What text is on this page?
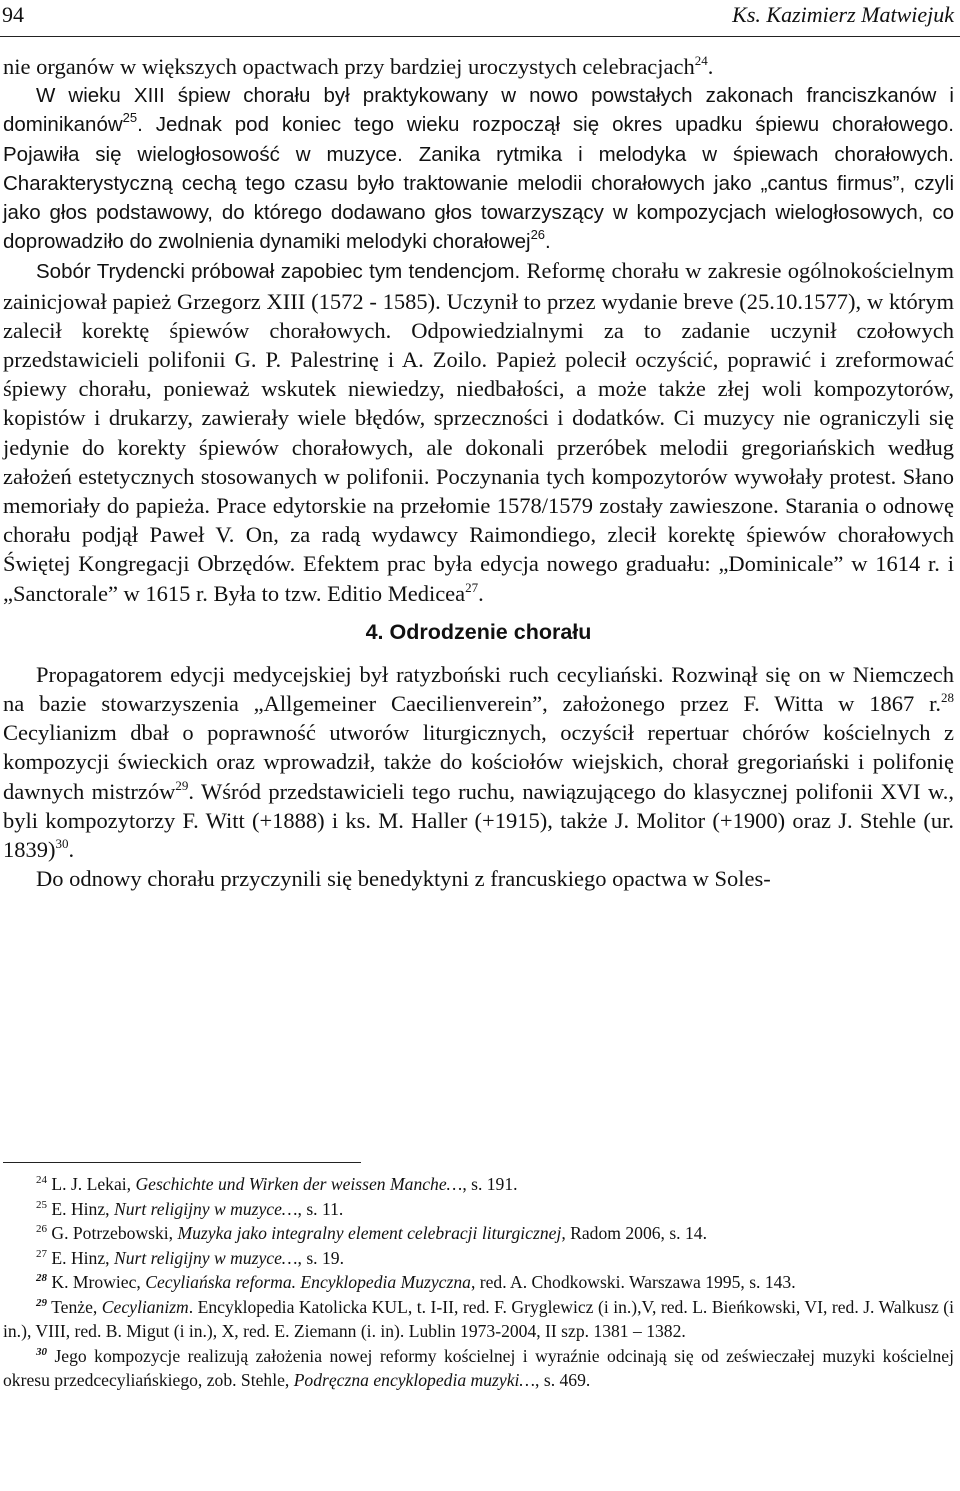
94	Ks. Kazimierz Matwiejuk

nie organów w większych opactwach przy bardziej uroczystych celebracjach$^{24}$.

W wieku XIII śpiew chorału był praktykowany w nowo powstałych zakonach franciszkanów i dominikanów$^{25}$. Jednak pod koniec tego wieku rozpoczął się okres upadku śpiewu chorałowego. Pojawiła się wielogłosowość w muzyce. Zanika rytmika i melodyka w śpiewach chorałowych. Charakterystyczną cechą tego czasu było traktowanie melodii chorałowych jako „cantus firmus”, czyli jako głos podstawowy, do którego dodawano głos towarzyszący w kompozycjach wielogłosowych, co doprowadziło do zwolnienia dynamiki melodyki chorałowej$^{26}$.

Sobór Trydencki próbował zapobiec tym tendencjom. Reformę chorału w zakresie ogólnokościelnym zainicjował papież Grzegorz XIII (1572 - 1585). Uczynił to przez wydanie breve (25.10.1577), w którym zalecił korektę śpiewów chorałowych. Odpowiedzialnymi za to zadanie uczynił czołowych przedstawicieli polifonii G. P. Palestrinę i A. Zoilo. Papież polecił oczyścić, poprawić i zreformować śpiewy chorału, ponieważ wskutek niewiedzy, niedbałości, a może także złej woli kompozytorów, kopistów i drukarzy, zawierały wiele błędów, sprzeczności i dodatków. Ci muzycy nie ograniczyli się jedynie do korekty śpiewów chorałowych, ale dokonali przeróbek melodii gregoriańskich według założeń estetycznych stosowanych w polifonii. Poczynania tych kompozytorów wywołały protest. Słano memoriały do papieża. Prace edytorskie na przełomie 1578/1579 zostały zawieszone. Starania o odnowę chorału podjął Paweł V. On, za radą wydawcy Raimondiego, zlecił korektę śpiewów chorałowych Świętej Kongregacji Obrzędów. Efektem prac była edycja nowego graduału: „Dominicale” w 1614 r. i „Sanctorale” w 1615 r. Była to tzw. Editio Medicea$^{27}$.

4. Odrodzenie chorału

Propagatorem edycji medycejskiej był ratyzboński ruch cecyliański. Rozwinął się on w Niemczech na bazie stowarzyszenia „Allgemeiner Caecilienverein”, założonego przez F. Witta w 1867 r.$^{28}$ Cecylianizm dbał o poprawność utworów liturgicznych, oczyścił repertuar chórów kościelnych z kompozycji świeckich oraz wprowadził, także do kościołów wiejskich, chorał gregoriański i polifonię dawnych mistrzów$^{29}$. Wśród przedstawicieli tego ruchu, nawiązującego do klasycznej polifonii XVI w., byli kompozytorzy F. Witt (+1888) i ks. M. Haller (+1915), także J. Molitor (+1900) oraz J. Stehle (ur. 1839)$^{30}$.

Do odnowy chorału przyczynili się benedyktyni z francuskiego opactwa w Soles-

$^{24}$ L. J. Lekai, Geschichte und Wirken der weissen Manche…, s. 191.

$^{25}$ E. Hinz, Nurt religijny w muzyce…, s. 11.

$^{26}$ G. Potrzebowski, Muzyka jako integralny element celebracji liturgicznej, Radom 2006, s. 14.

$^{27}$ E. Hinz, Nurt religijny w muzyce…, s. 19.

$^{28}$ K. Mrowiec, Cecyliańska reforma. Encyklopedia Muzyczna, red. A. Chodkowski. Warszawa 1995, s. 143.

$^{29}$ Tenże, Cecylianizm. Encyklopedia Katolicka KUL, t. I-II, red. F. Gryglewicz (i in.),V, red. L. Bieńkowski, VI, red. J. Walkusz (i in.), VIII, red. B. Migut (i in.), X, red. E. Ziemann (i. in). Lublin 1973-2004, II szp. 1381 – 1382.

$^{30}$ Jego kompozycje realizują założenia nowej reformy kościelnej i wyraźnie odcinają się od ześwieczałej muzyki kościelnej okresu przedcecyliańskiego, zob. Stehle, Podręczna encyklopedia muzyki…, s. 469.
